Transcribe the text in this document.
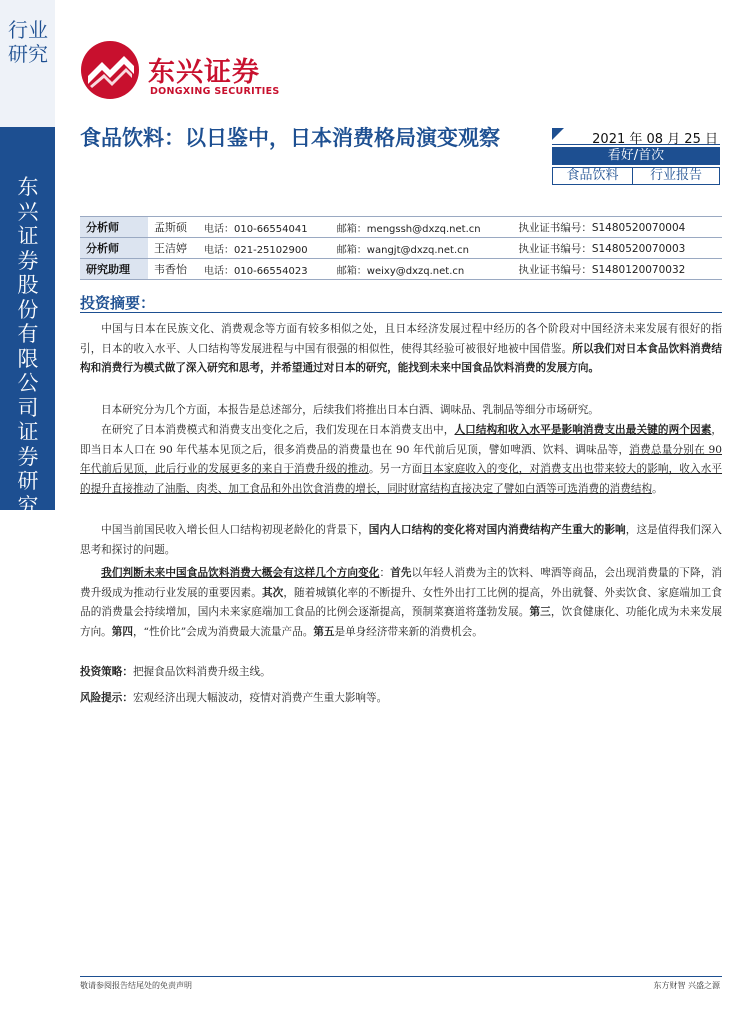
行业研究
东兴证券股份有限公司证券研究报告
东兴证券
DONGXING SECURITIES
食品饮料：以日鉴中，日本消费格局演变观察	2021 年 08 月 25 日
看好/首次
食品饮料	行业报告
分析师	孟斯硕	电话：010-66554041	邮箱：mengssh@dxzq.net.cn	执业证书编号：S1480520070004
分析师	王洁婷	电话：021-25102900	邮箱：wangjt@dxzq.net.cn	执业证书编号：S1480520070003
研究助理	韦香怡	电话：010-66554023	邮箱：weixy@dxzq.net.cn	执业证书编号：S1480120070032
投资摘要：
中国与日本在民族文化、消费观念等方面有较多相似之处，且日本经济发展过程中经历的各个阶段对中国经济未来发展有很好的指引，日本的收入水平、人口结构等发展进程与中国有很强的相似性，使得其经验可被很好地被中国借鉴。所以我们对日本食品饮料消费结构和消费行为模式做了深入研究和思考，并希望通过对日本的研究，能找到未来中国食品饮料消费的发展方向。
日本研究分为几个方面，本报告是总述部分，后续我们将推出日本白酒、调味品、乳制品等细分市场研究。
在研究了日本消费模式和消费支出变化之后，我们发现在日本消费支出中，人口结构和收入水平是影响消费支出最关键的两个因素，即当日本人口在 90 年代基本见顶之后，很多消费品的消费量也在 90 年代前后见顶，譬如啤酒、饮料、调味品等，消费总量分别在 90 年代前后见顶，此后行业的发展更多的来自于消费升级的推动。另一方面日本家庭收入的变化，对消费支出也带来较大的影响，收入水平的提升直接推动了油脂、肉类、加工食品和外出饮食消费的增长，同时财富结构直接决定了譬如白酒等可选消费的消费结构。
中国当前国民收入增长但人口结构初现老龄化的背景下，国内人口结构的变化将对国内消费结构产生重大的影响，这是值得我们深入思考和探讨的问题。
我们判断未来中国食品饮料消费大概会有这样几个方向变化：首先以年轻人消费为主的饮料、啤酒等商品，会出现消费量的下降，消费升级成为推动行业发展的重要因素。其次，随着城镇化率的不断提升、女性外出打工比例的提高，外出就餐、外卖饮食、家庭端加工食品的消费量会持续增加，国内未来家庭端加工食品的比例会逐渐提高，预制菜赛道将蓬勃发展。第三，饮食健康化、功能化成为未来发展方向。第四，“性价比”会成为消费最大流量产品。第五是单身经济带来新的消费机会。
投资策略：把握食品饮料消费升级主线。
风险提示：宏观经济出现大幅波动，疫情对消费产生重大影响等。
敬请参阅报告结尾处的免责声明	东方财智 兴盛之源
